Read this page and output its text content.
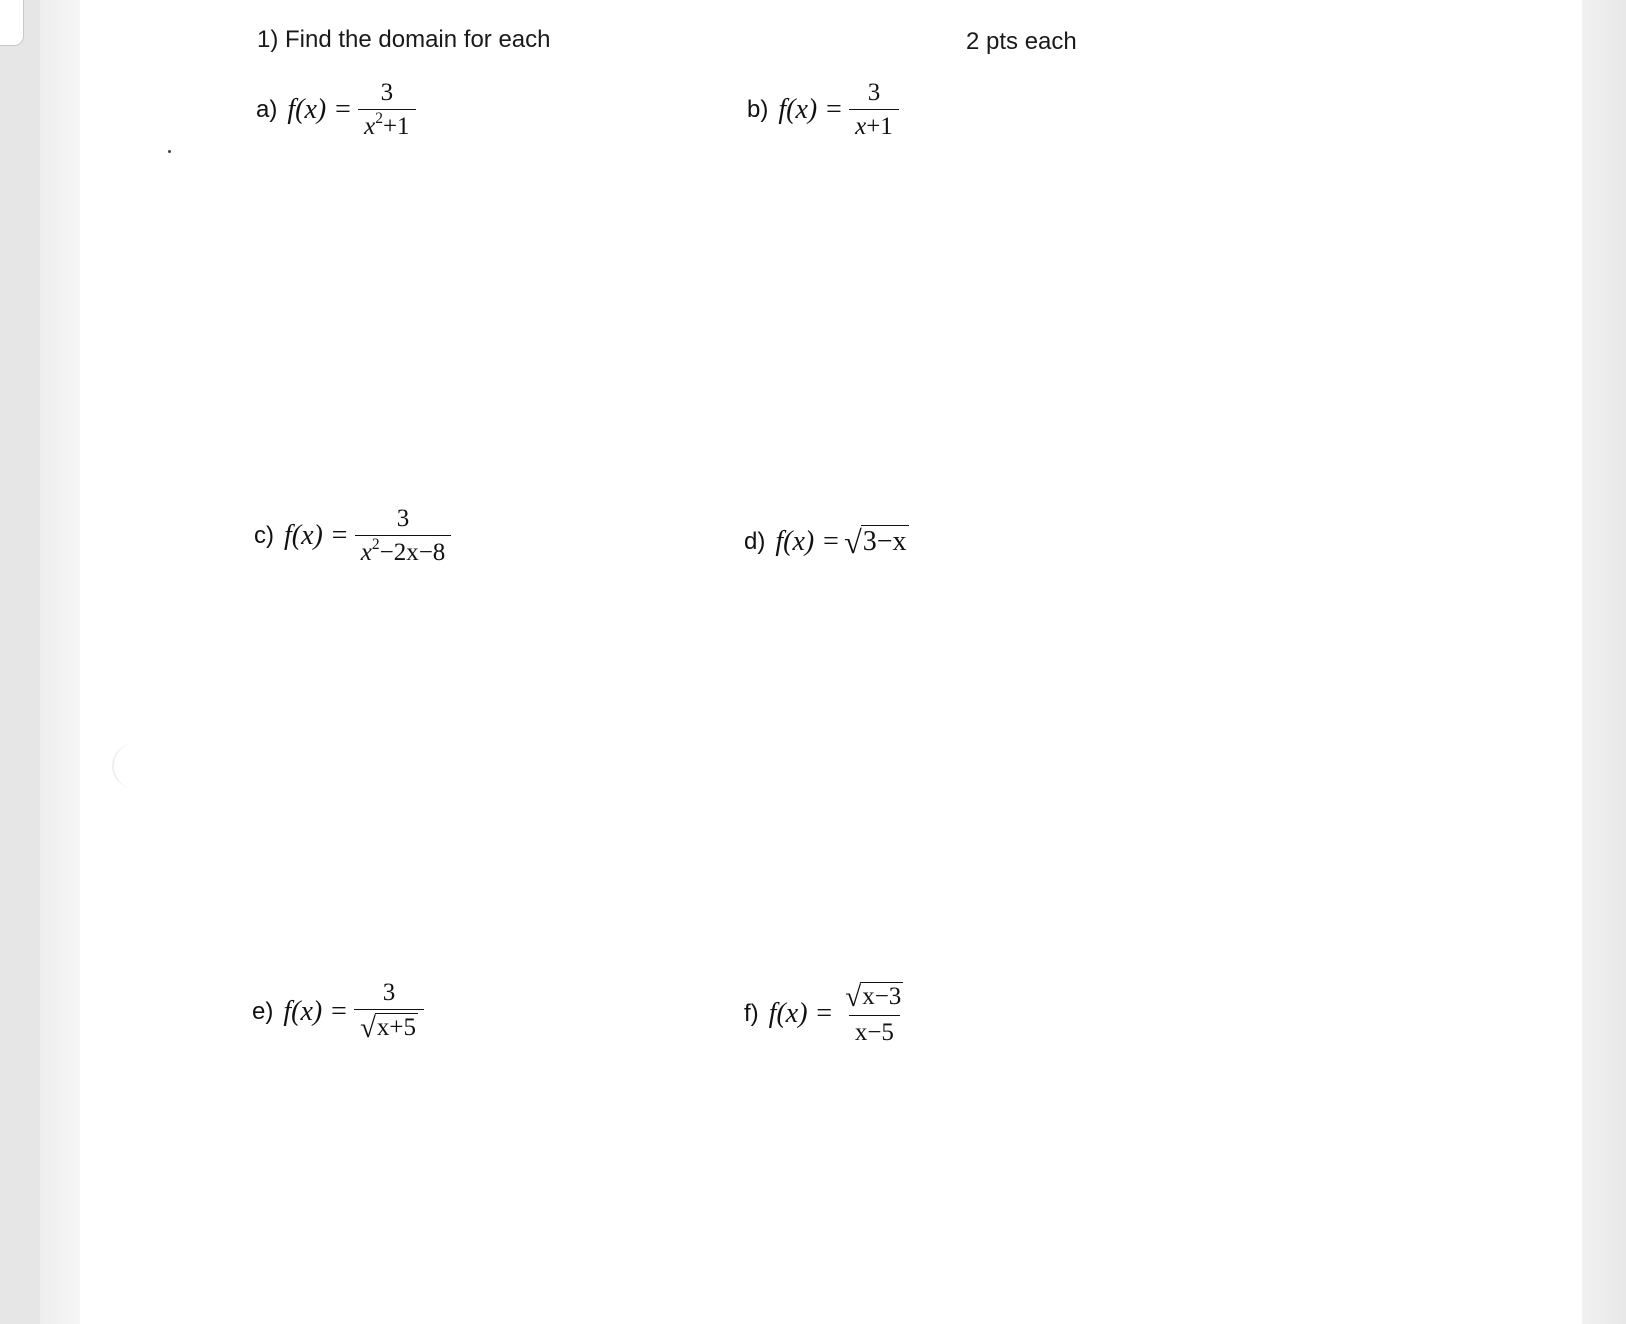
1) Find the domain for each	2 pts each
a) $f(x) = \frac{3}{x^2+1}$	b) $f(x) = \frac{3}{x+1}$
c) $f(x) = \frac{3}{x^2-2x-8}$	d) f(x) = √ 3−x
e) $f(x) = \frac{3}{√ x+5}$	f) $f(x) = \frac{√ x-3}{x-5}$
